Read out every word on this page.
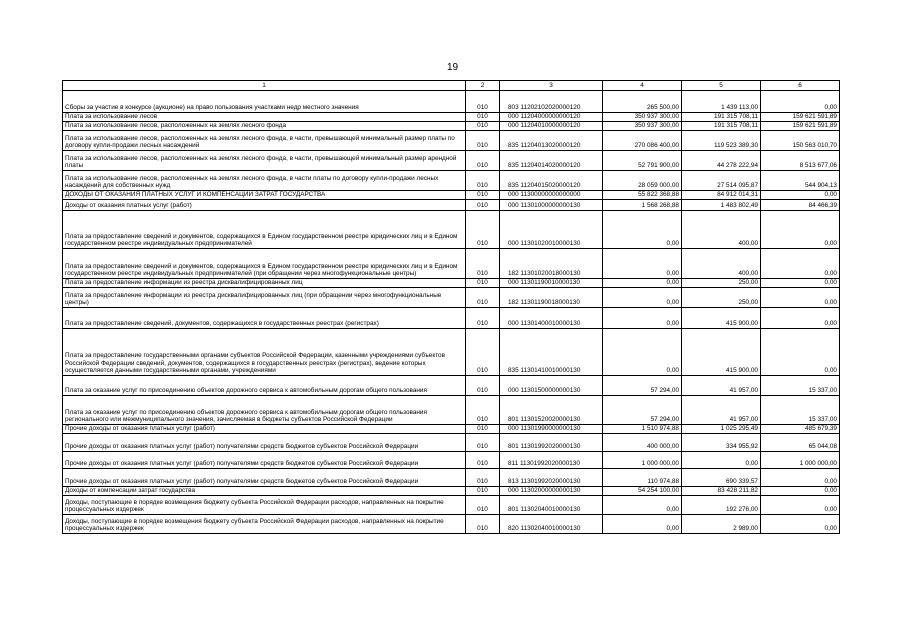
19
1	2	3	4	5	6
Сборы за участие в конкурсе (аукционе) на право пользования участками недр местного значения	010	803 11202102020000120	265 500,00	1 439 113,00	0,00
Плата за использование лесов	010	000 11204000000000120	350 937 300,00	191 315 708,11	159 621 591,89
Плата за использование лесов, расположенных на землях лесного фонда	010	000 11204010000000120	350 937 300,00	191 315 708,11	159 621 591,89
Плата за использование лесов, расположенных на землях лесного фонда, в части, превышающей минимальный размер платы по договору купли-продажи лесных насаждений	010	835 11204013020000120	270 086 400,00	119 523 389,30	150 563 010,70
Плата за использование лесов, расположенных на землях лесного фонда, в части, превышающей минимальный размер арендной платы	010	835 11204014020000120	52 791 900,00	44 278 222,94	8 513 677,06
Плата за использование лесов, расположенных на землях лесного фонда, в части платы по договору купли-продажи лесных насаждений для собственных нужд	010	835 11204015020000120	28 059 000,00	27 514 095,87	544 904,13
ДОХОДЫ ОТ ОКАЗАНИЯ ПЛАТНЫХ УСЛУГ И КОМПЕНСАЦИИ ЗАТРАТ ГОСУДАРСТВА	010	000 11300000000000000	55 822 368,88	84 912 014,31	0,00
Доходы от оказания платных услуг (работ)	010	000 11301000000000130	1 568 268,88	1 483 802,49	84 466,39
Плата за предоставление сведений и документов, содержащихся в Едином государственном реестре юридических лиц и в Едином государственном реестре индивидуальных предпринимателей	010	000 11301020010000130	0,00	400,00	0,00
Плата за предоставление сведений и документов, содержащихся в Едином государственном реестре юридических лиц и в Едином государственном реестре индивидуальных предпринимателей (при обращении через многофункциональные центры)	010	182 11301020018000130	0,00	400,00	0,00
Плата за предоставление информации из реестра дисквалифицированных лиц	010	000 11301190010000130	0,00	250,00	0,00
Плата за предоставление информации из реестра дисквалифицированных лиц (при обращении через многофункциональные центры)	010	182 11301190018000130	0,00	250,00	0,00
Плата за предоставление сведений, документов, содержащихся в государственных реестрах (регистрах)	010	000 11301400010000130	0,00	415 900,00	0,00
Плата за предоставление государственными органами субъектов Российской Федерации, казенными учреждениями субъектов Российской Федерации сведений, документов, содержащихся в государственных реестрах (регистрах), ведение которых осуществляется данными государственными органами, учреждениями	010	835 11301410010000130	0,00	415 900,00	0,00
Плата за оказание услуг по присоединению объектов дорожного сервиса к автомобильным дорогам общего пользования	010	000 11301500000000130	57 294,00	41 957,00	15 337,00
Плата за оказание услуг по присоединению объектов дорожного сервиса к автомобильным дорогам общего пользования регионального или межмуниципального значения, зачисляемая в бюджеты субъектов Российской Федерации	010	801 11301520020000130	57 294,00	41 957,00	15 337,00
Прочие доходы от оказания платных услуг (работ)	010	000 11301990000000130	1 510 974,88	1 025 295,49	485 679,39
Прочие доходы от оказания платных услуг (работ) получателями средств бюджетов субъектов Российской Федерации	010	801 11301992020000130	400 000,00	334 955,92	65 044,08
Прочие доходы от оказания платных услуг (работ) получателями средств бюджетов субъектов Российской Федерации	010	811 11301992020000130	1 000 000,00	0,00	1 000 000,00
Прочие доходы от оказания платных услуг (работ) получателями средств бюджетов субъектов Российской Федерации	010	813 11301992020000130	110 974,88	690 339,57	0,00
Доходы от компенсации затрат государства	010	000 11302000000000130	54 254 100,00	83 428 211,82	0,00
Доходы, поступающие в порядке возмещения бюджету субъекта Российской Федерации расходов, направленных на покрытие процессуальных издержек	010	801 11302040010000130	0,00	192 276,00	0,00
Доходы, поступающие в порядке возмещения бюджету субъекта Российской Федерации расходов, направленных на покрытие процессуальных издержек	010	820 11302040010000130	0,00	2 989,00	0,00
